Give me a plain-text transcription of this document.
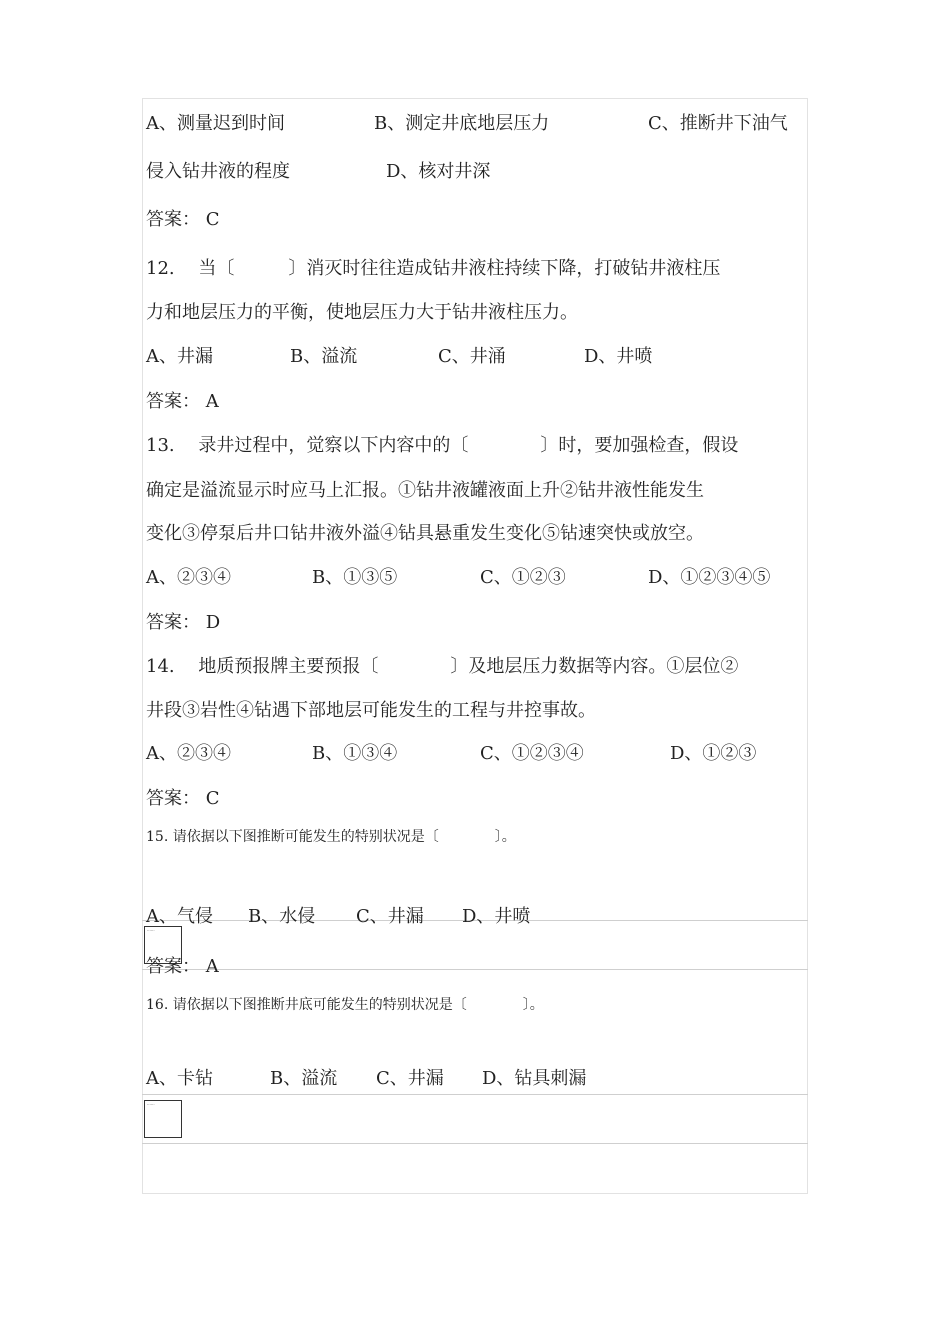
A、测量迟到时间	B、测定井底地层压力	C、推断井下油气
侵入钻井液的程度	D、核对井深
答案： C
12.　 当〔　　　〕消灭时往往造成钻井液柱持续下降，打破钻井液柱压
力和地层压力的平衡，使地层压力大于钻井液柱压力。
A、井漏	B、溢流	C、井涌	D、井喷
答案： A
13.　 录井过程中，觉察以下内容中的〔　　　　〕时，要加强检查，假设
确定是溢流显示时应马上汇报。①钻井液罐液面上升②钻井液性能发生
变化③停泵后井口钻井液外溢④钻具悬重发生变化⑤钻速突快或放空。
A、②③④	B、①③⑤	C、①②③	D、①②③④⑤
答案： D
14.　 地质预报牌主要预报〔　　　　〕及地层压力数据等内容。①层位②
井段③岩性④钻遇下部地层可能发生的工程与井控事故。
A、②③④	B、①③④	C、①②③④	D、①②③
答案： C
15. 请依据以下图推断可能发生的特别状况是〔　　　　〕。
······
A、气侵 B、水侵 C、井漏 D、井喷
答案： A
16. 请依据以下图推断井底可能发生的特别状况是〔　　　　〕。
A、卡钻	B、溢流 C、井漏 D、钻具刺漏
······
